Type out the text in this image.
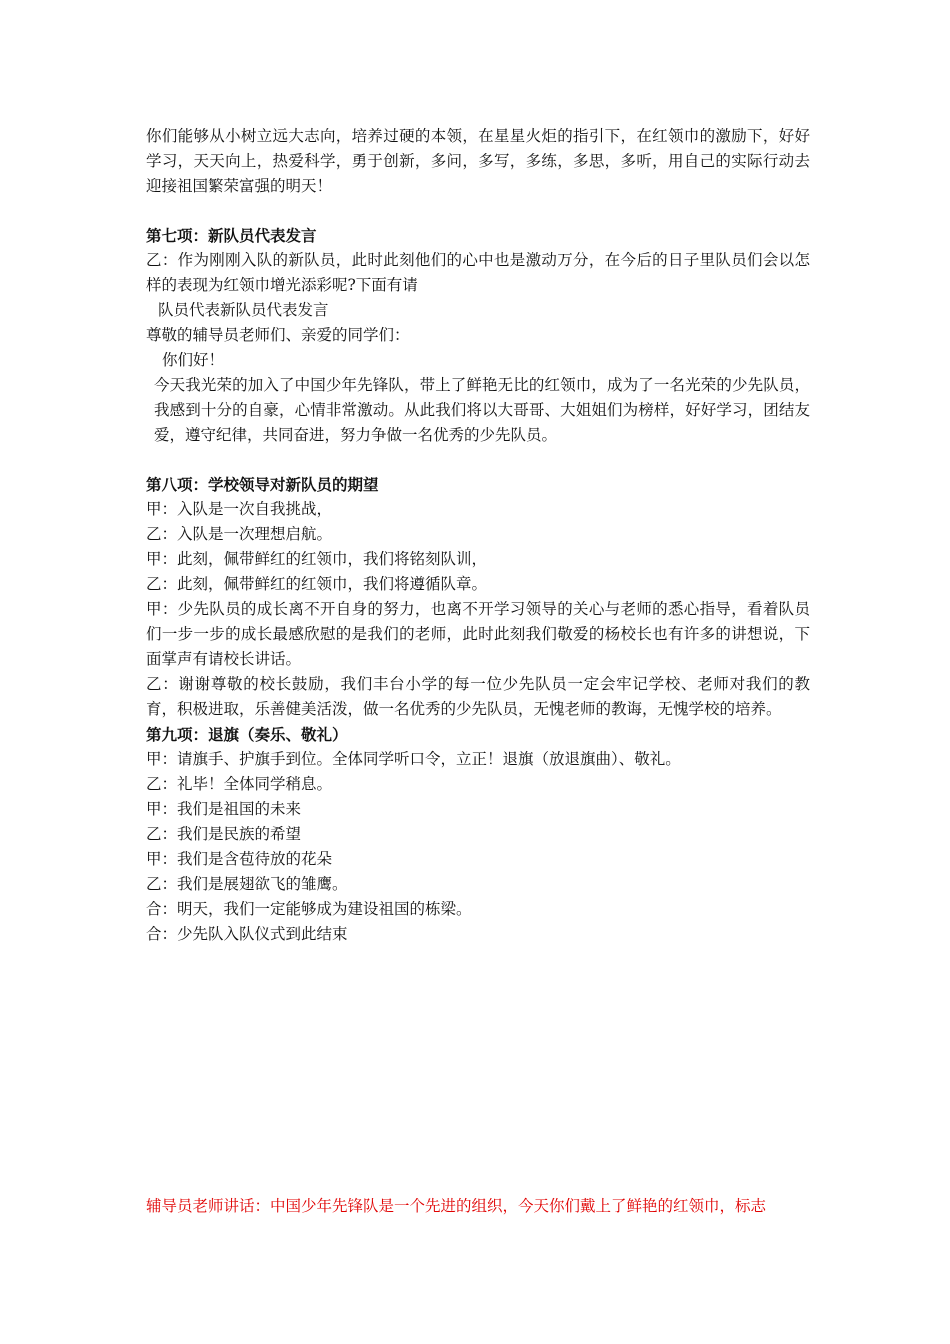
你们能够从小树立远大志向，培养过硬的本领，在星星火炬的指引下，在红领巾的激励下，好好学习，天天向上，热爱科学，勇于创新，多问，多写，多练，多思，多听，用自己的实际行动去迎接祖国繁荣富强的明天！

第七项：新队员代表发言

乙：作为刚刚入队的新队员，此时此刻他们的心中也是激动万分，在今后的日子里队员们会以怎样的表现为红领巾增光添彩呢?下面有请

队员代表新队员代表发言

尊敬的辅导员老师们、亲爱的同学们：

你们好！

今天我光荣的加入了中国少年先锋队，带上了鲜艳无比的红领巾，成为了一名光荣的少先队员，我感到十分的自豪，心情非常激动。从此我们将以大哥哥、大姐姐们为榜样，好好学习，团结友爱，遵守纪律，共同奋进，努力争做一名优秀的少先队员。

第八项：学校领导对新队员的期望

甲：入队是一次自我挑战，

乙：入队是一次理想启航。

甲：此刻，佩带鲜红的红领巾，我们将铭刻队训，

乙：此刻，佩带鲜红的红领巾，我们将遵循队章。

甲：少先队员的成长离不开自身的努力，也离不开学习领导的关心与老师的悉心指导，看着队员们一步一步的成长最感欣慰的是我们的老师，此时此刻我们敬爱的杨校长也有许多的讲想说，下面掌声有请校长讲话。

乙：谢谢尊敬的校长鼓励，我们丰台小学的每一位少先队员一定会牢记学校、老师对我们的教育，积极进取，乐善健美活泼，做一名优秀的少先队员，无愧老师的教诲，无愧学校的培养。

第九项：退旗（奏乐、敬礼）

甲：请旗手、护旗手到位。全体同学听口令，立正！退旗（放退旗曲）、敬礼。

乙：礼毕！全体同学稍息。

甲：我们是祖国的未来

乙：我们是民族的希望

甲：我们是含苞待放的花朵

乙：我们是展翅欲飞的雏鹰。

合：明天，我们一定能够成为建设祖国的栋梁。

合：少先队入队仪式到此结束

辅导员老师讲话：中国少年先锋队是一个先进的组织，今天你们戴上了鲜艳的红领巾，标志
